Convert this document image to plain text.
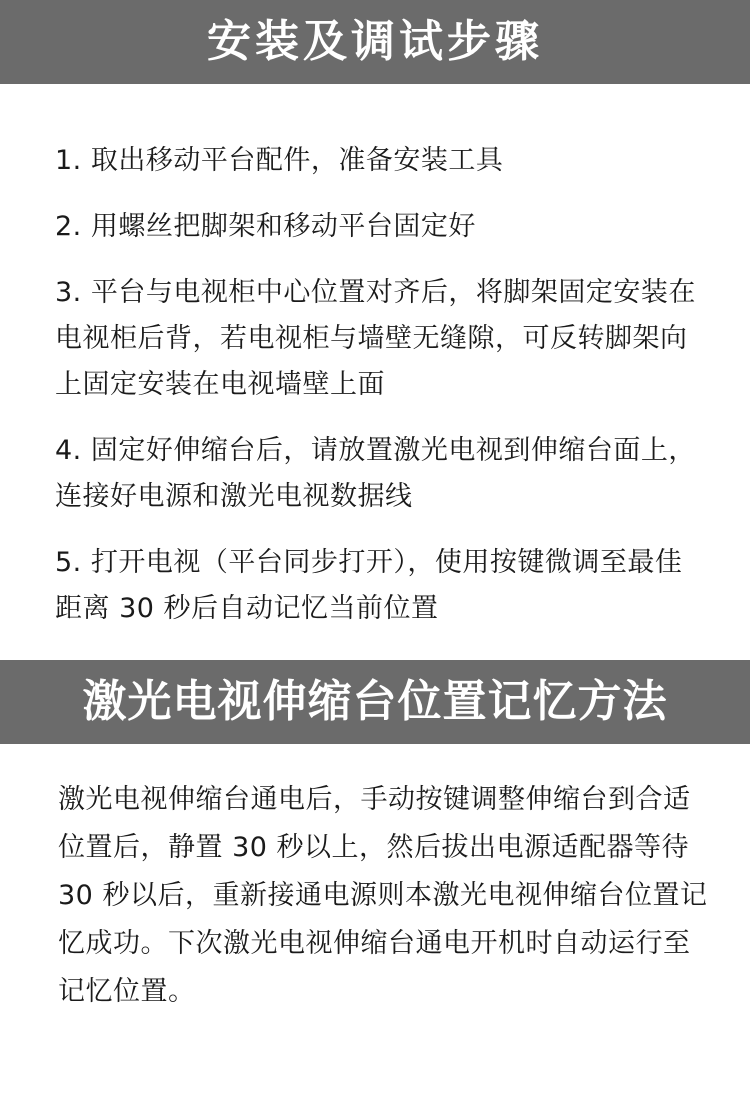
安装及调试步骤

1. 取出移动平台配件，准备安装工具

2. 用螺丝把脚架和移动平台固定好

3. 平台与电视柜中心位置对齐后，将脚架固定安装在电视柜后背，若电视柜与墙壁无缝隙，可反转脚架向上固定安装在电视墙壁上面

4. 固定好伸缩台后，请放置激光电视到伸缩台面上，连接好电源和激光电视数据线

5. 打开电视（平台同步打开），使用按键微调至最佳距离 30 秒后自动记忆当前位置

激光电视伸缩台位置记忆方法

激光电视伸缩台通电后，手动按键调整伸缩台到合适位置后，静置 30 秒以上，然后拔出电源适配器等待 30 秒以后，重新接通电源则本激光电视伸缩台位置记忆成功。下次激光电视伸缩台通电开机时自动运行至记忆位置。
